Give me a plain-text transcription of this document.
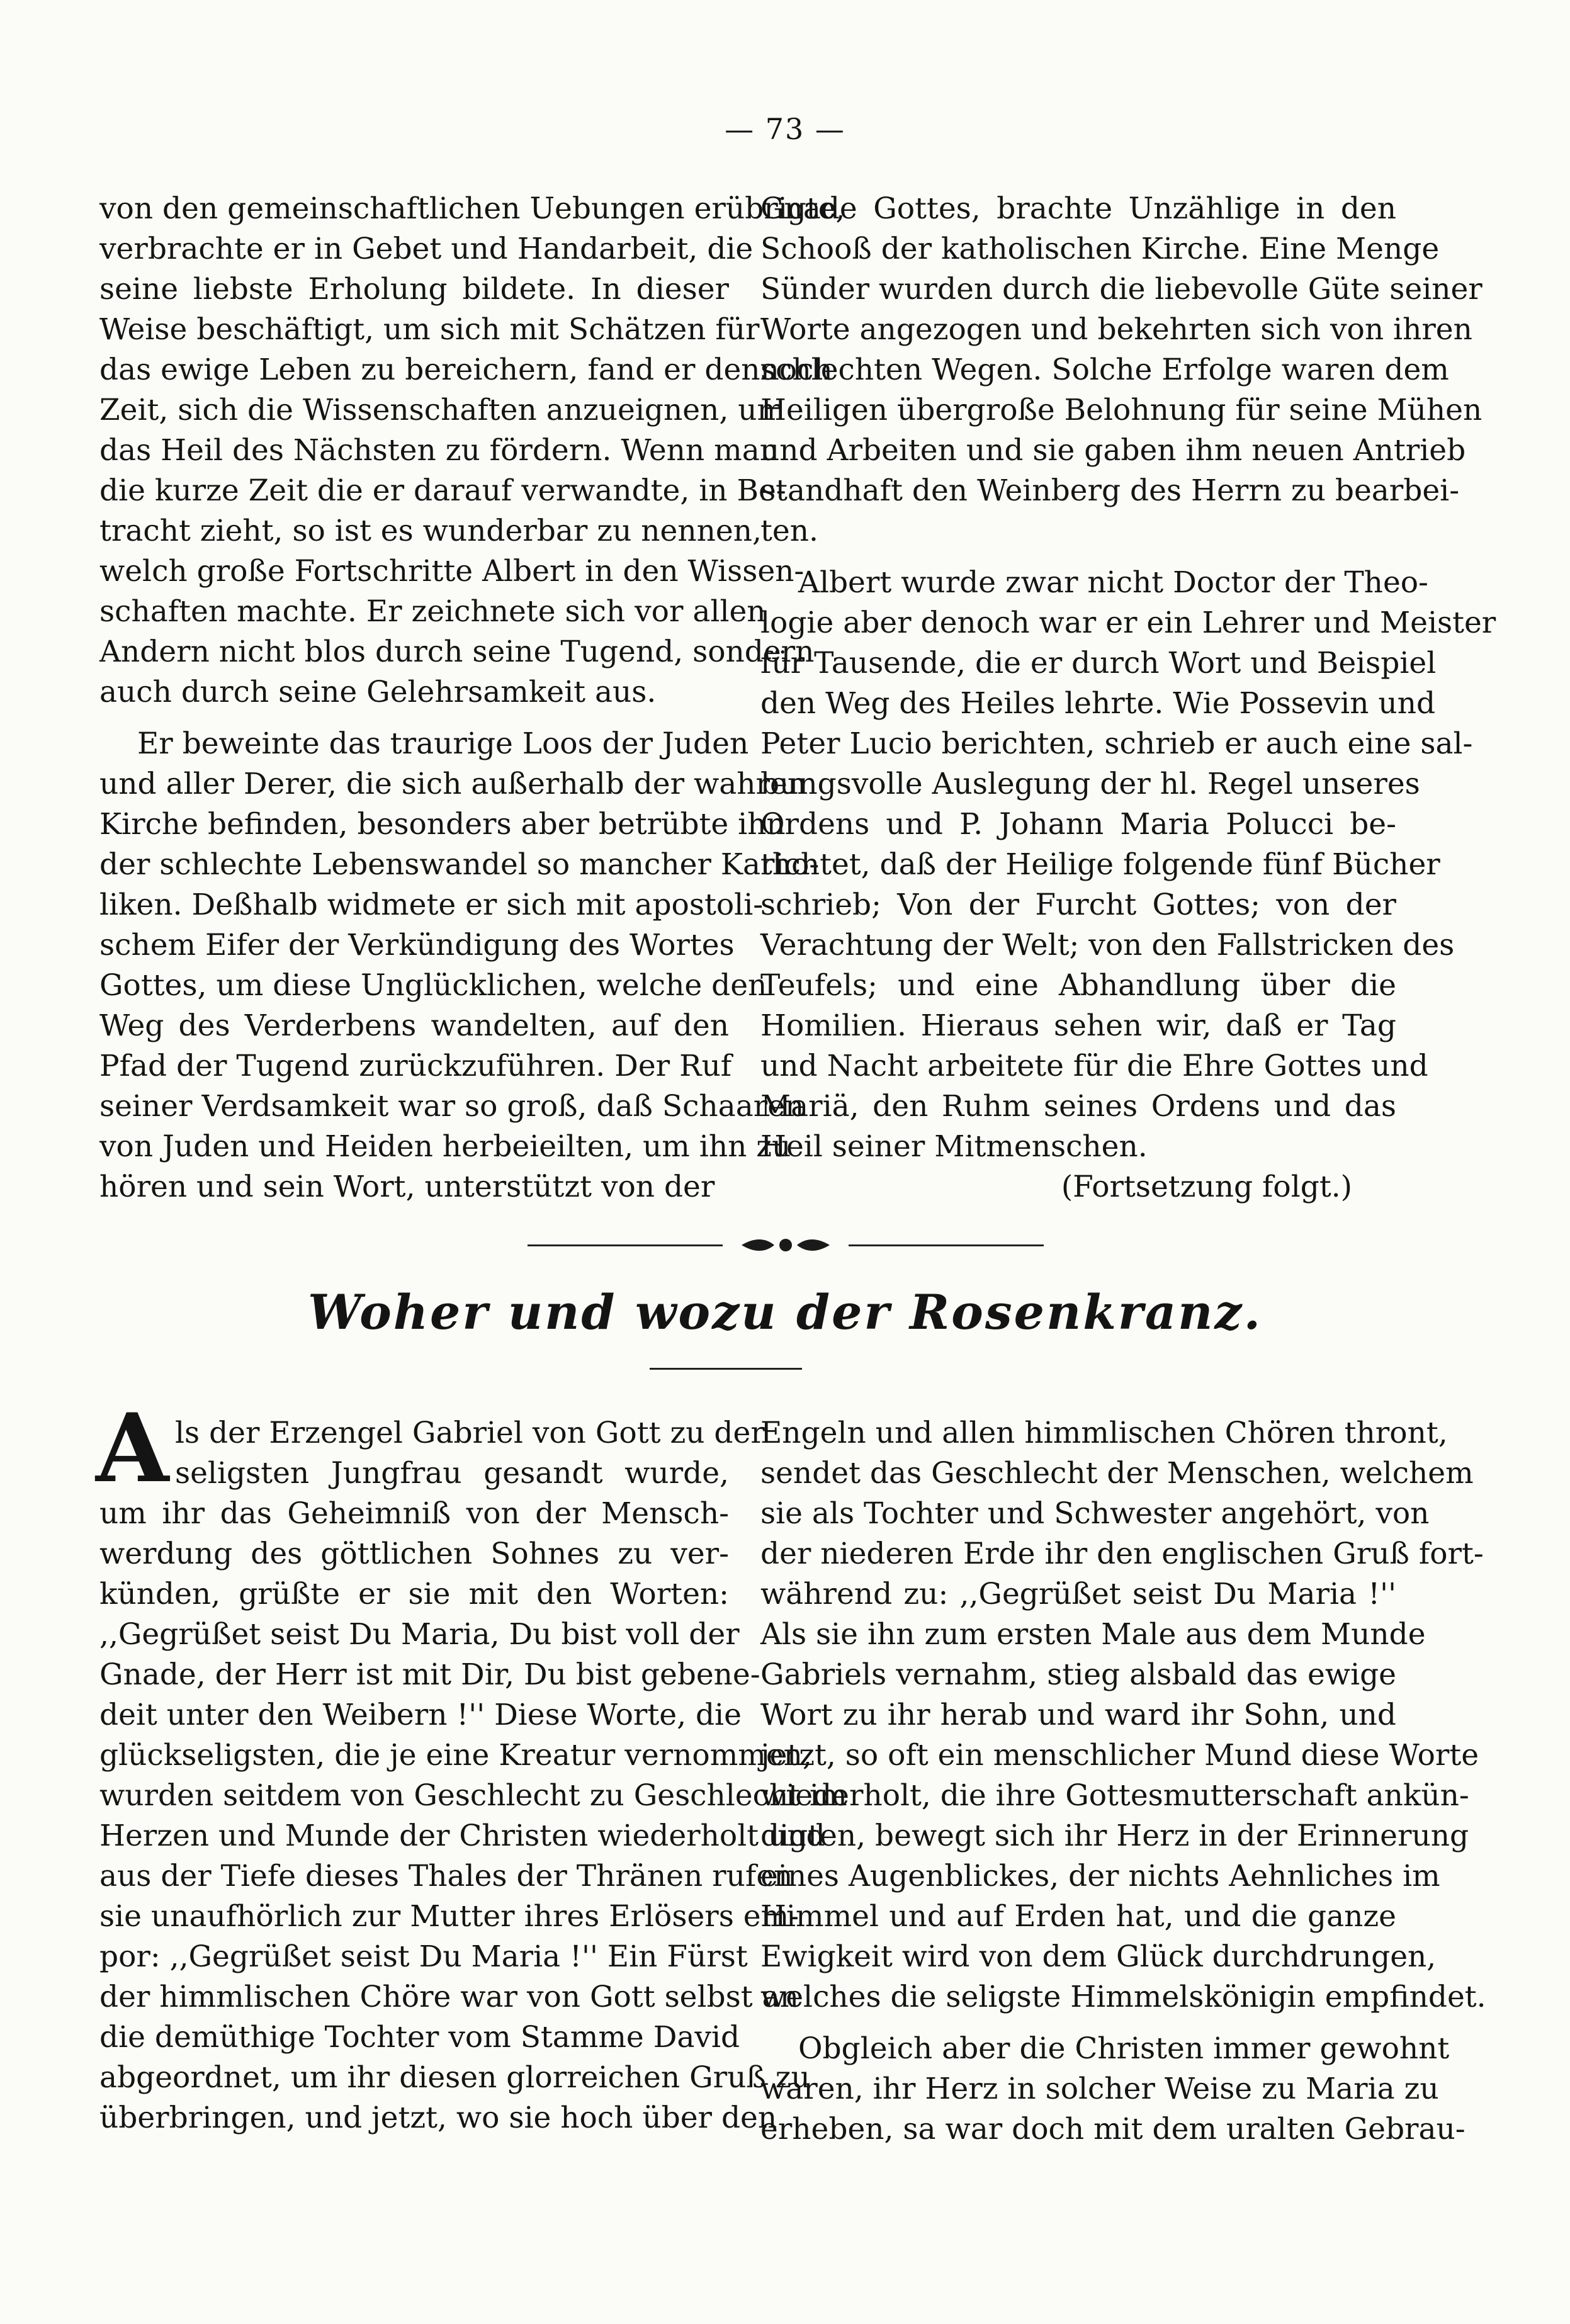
— 73 —
von den gemeinschaftlichen Uebungen erübrigte,
verbrachte er in Gebet und Handarbeit, die
seine liebste Erholung bildete. In dieser
Weise beschäftigt, um sich mit Schätzen für
das ewige Leben zu bereichern, fand er dennoch
Zeit, sich die Wissenschaften anzueignen, um
das Heil des Nächsten zu fördern. Wenn man
die kurze Zeit die er darauf verwandte, in Be-
tracht zieht, so ist es wunderbar zu nennen,
welch große Fortschritte Albert in den Wissen-
schaften machte. Er zeichnete sich vor allen
Andern nicht blos durch seine Tugend, sondern
auch durch seine Gelehrsamkeit aus.
Er beweinte das traurige Loos der Juden
und aller Derer, die sich außerhalb der wahren
Kirche befinden, besonders aber betrübte ihn
der schlechte Lebenswandel so mancher Katho-
liken. Deßhalb widmete er sich mit apostoli-
schem Eifer der Verkündigung des Wortes
Gottes, um diese Unglücklichen, welche den
Weg des Verderbens wandelten, auf den
Pfad der Tugend zurückzuführen. Der Ruf
seiner Verdsamkeit war so groß, daß Schaaren
von Juden und Heiden herbeieilten, um ihn zu
hören und sein Wort, unterstützt von der
Gnade Gottes, brachte Unzählige in den
Schooß der katholischen Kirche. Eine Menge
Sünder wurden durch die liebevolle Güte seiner
Worte angezogen und bekehrten sich von ihren
schlechten Wegen. Solche Erfolge waren dem
Heiligen übergroße Belohnung für seine Mühen
und Arbeiten und sie gaben ihm neuen Antrieb
standhaft den Weinberg des Herrn zu bearbei-
ten.
Albert wurde zwar nicht Doctor der Theo-
logie aber denoch war er ein Lehrer und Meister
für Tausende, die er durch Wort und Beispiel
den Weg des Heiles lehrte. Wie Possevin und
Peter Lucio berichten, schrieb er auch eine sal-
bungsvolle Auslegung der hl. Regel unseres
Ordens und P. Johann Maria Polucci be-
richtet, daß der Heilige folgende fünf Bücher
schrieb; Von der Furcht Gottes; von der
Verachtung der Welt; von den Fallstricken des
Teufels; und eine Abhandlung über die
Homilien. Hieraus sehen wir, daß er Tag
und Nacht arbeitete für die Ehre Gottes und
Mariä, den Ruhm seines Ordens und das
Heil seiner Mitmenschen.
(Fortsetzung folgt.)
Woher und wozu der Rosenkranz.
A ls der Erzengel Gabriel von Gott zu der
seligsten Jungfrau gesandt wurde,
um ihr das Geheimniß von der Mensch-
werdung des göttlichen Sohnes zu ver-
künden, grüßte er sie mit den Worten:
,,Gegrüßet seist Du Maria, Du bist voll der
Gnade, der Herr ist mit Dir, Du bist gebene-
deit unter den Weibern !'' Diese Worte, die
glückseligsten, die je eine Kreatur vernommen,
wurden seitdem von Geschlecht zu Geschlecht im
Herzen und Munde der Christen wiederholt und
aus der Tiefe dieses Thales der Thränen rufen
sie unaufhörlich zur Mutter ihres Erlösers em-
por: ,,Gegrüßet seist Du Maria !'' Ein Fürst
der himmlischen Chöre war von Gott selbst an
die demüthige Tochter vom Stamme David
abgeordnet, um ihr diesen glorreichen Gruß zu
überbringen, und jetzt, wo sie hoch über den
Engeln und allen himmlischen Chören thront,
sendet das Geschlecht der Menschen, welchem
sie als Tochter und Schwester angehört, von
der niederen Erde ihr den englischen Gruß fort-
während zu: ,,Gegrüßet seist Du Maria !''
Als sie ihn zum ersten Male aus dem Munde
Gabriels vernahm, stieg alsbald das ewige
Wort zu ihr herab und ward ihr Sohn, und
jetzt, so oft ein menschlicher Mund diese Worte
wiederholt, die ihre Gottesmutterschaft ankün-
digten, bewegt sich ihr Herz in der Erinnerung
eines Augenblickes, der nichts Aehnliches im
Himmel und auf Erden hat, und die ganze
Ewigkeit wird von dem Glück durchdrungen,
welches die seligste Himmelskönigin empfindet.
Obgleich aber die Christen immer gewohnt
waren, ihr Herz in solcher Weise zu Maria zu
erheben, sa war doch mit dem uralten Gebrau-
